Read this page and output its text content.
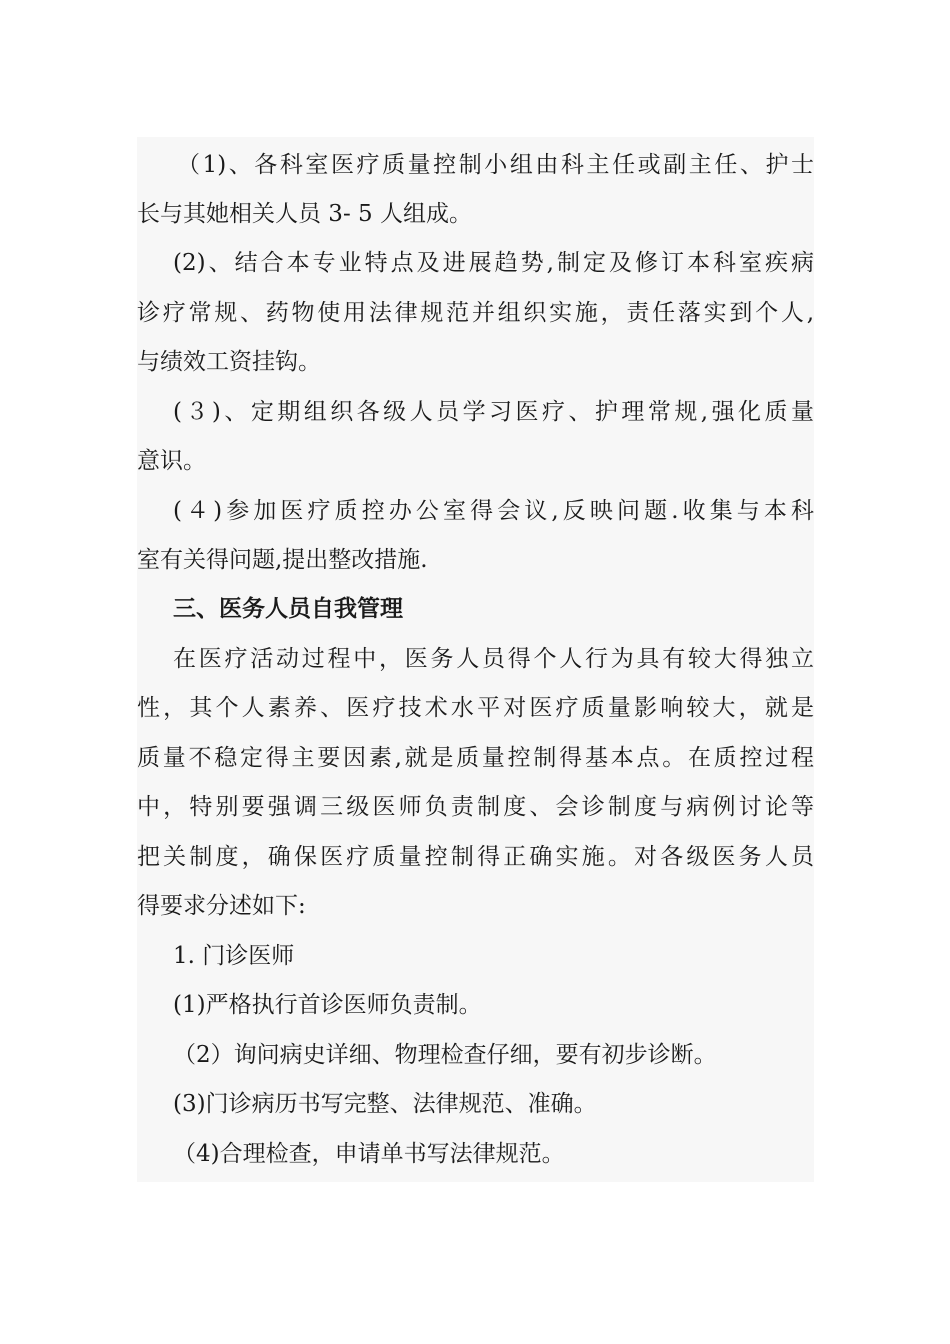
（1)、各科室医疗质量控制小组由科主任或副主任、护士
长与其她相关人员 3- 5 人组成。
(2)、结合本专业特点及进展趋势,制定及修订本科室疾病
诊疗常规、药物使用法律规范并组织实施，责任落实到个人,
与绩效工资挂钩。
(３)、定期组织各级人员学习医疗、护理常规,强化质量
意识。
(４)参加医疗质控办公室得会议,反映问题.收集与本科
室有关得问题,提出整改措施.
三、医务人员自我管理
在医疗活动过程中，医务人员得个人行为具有较大得独立
性，其个人素养、医疗技术水平对医疗质量影响较大，就是
质量不稳定得主要因素,就是质量控制得基本点。在质控过程
中，特别要强调三级医师负责制度、会诊制度与病例讨论等
把关制度，确保医疗质量控制得正确实施。对各级医务人员
得要求分述如下:
1. 门诊医师
(1)严格执行首诊医师负责制。
（2）询问病史详细、物理检查仔细，要有初步诊断。
(3)门诊病历书写完整、法律规范、准确。
（4)合理检查，申请单书写法律规范。
